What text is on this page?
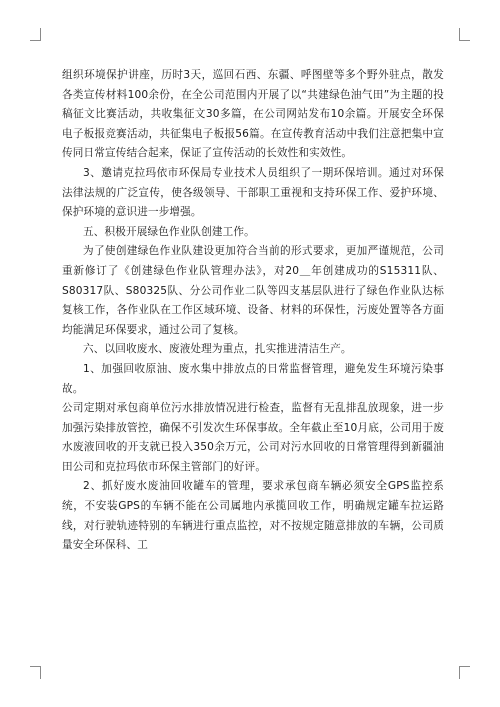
组织环境保护讲座，历时3天，巡回石西、东疆、呼图壁等多个野外驻点，散发各类宣传材料100余份，在全公司范围内开展了以“共建绿色油气田”为主题的投稿征文比赛活动，共收集征文30多篇，在公司网站发布10余篇。开展安全环保电子板报竞赛活动，共征集电子板报56篇。在宣传教育活动中我们注意把集中宣传同日常宣传结合起来，保证了宣传活动的长效性和实效性。

3、邀请克拉玛依市环保局专业技术人员组织了一期环保培训。通过对环保法律法规的广泛宣传，使各级领导、干部职工重视和支持环保工作、爱护环境、保护环境的意识进一步增强。

五、积极开展绿色作业队创建工作。

为了使创建绿色作业队建设更加符合当前的形式要求，更加严谨规范，公司重新修订了《创建绿色作业队管理办法》，对20＿年创建成功的S15311队、S80317队、S80325队、分公司作业二队等四支基层队进行了绿色作业队达标复核工作，各作业队在工作区域环境、设备、材料的环保性，污废处置等各方面均能满足环保要求，通过公司了复核。

六、以回收废水、废液处理为重点，扎实推进清洁生产。

1、加强回收原油、废水集中排放点的日常监督管理，避免发生环境污染事故。

公司定期对承包商单位污水排放情况进行检查，监督有无乱排乱放现象，进一步加强污染排放管控，确保不引发次生环保事故。全年截止至10月底，公司用于废水废液回收的开支就已投入350余万元，公司对污水回收的日常管理得到新疆油田公司和克拉玛依市环保主管部门的好评。

2、抓好废水废油回收罐车的管理，要求承包商车辆必须安全GPS监控系统，不安装GPS的车辆不能在公司属地内承揽回收工作，明确规定罐车拉运路线，对行驶轨迹特别的车辆进行重点监控，对不按规定随意排放的车辆，公司质量安全环保科、工
